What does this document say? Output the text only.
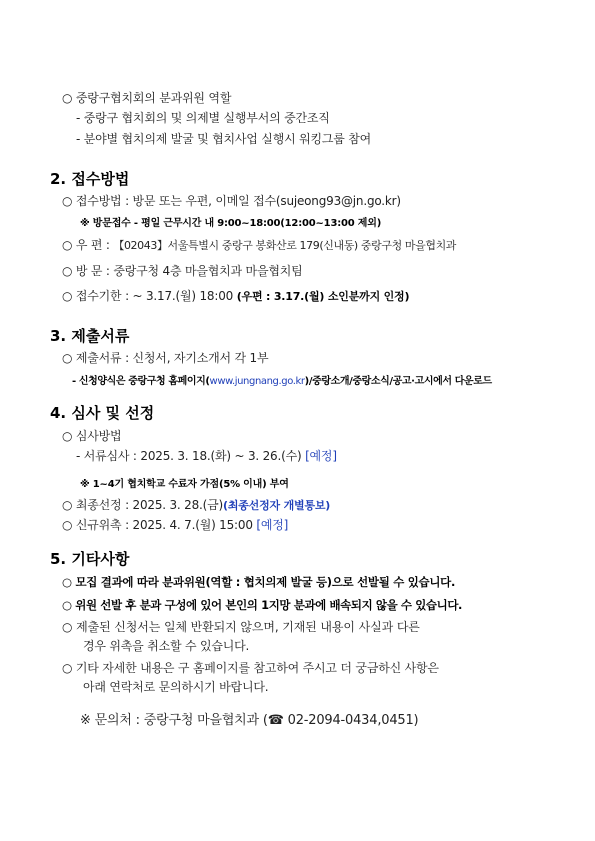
○ 중랑구협치회의 분과위원 역할
- 중랑구 협치회의 및 의제별 실행부서의 중간조직
- 분야별 협치의제 발굴 및 협치사업 실행시 워킹그룹 참여
2. 접수방법
○ 접수방법 : 방문 또는 우편, 이메일 접수(sujeong93@jn.go.kr)
※ 방문접수 - 평일 근무시간 내 9:00~18:00(12:00~13:00 제외)
○ 우 편 : 【02043】서울특별시 중랑구 봉화산로 179(신내동) 중랑구청 마을협치과
○ 방 문 : 중랑구청 4층 마을협치과 마을협치팀
○ 접수기한 : ~ 3.17.(월) 18:00 (우편 : 3.17.(월) 소인분까지 인정)
3. 제출서류
○ 제출서류 : 신청서, 자기소개서 각 1부
- 신청양식은 중랑구청 홈페이지(www.jungnang.go.kr)/중랑소개/중랑소식/공고·고시에서 다운로드
4. 심사 및 선정
○ 심사방법
- 서류심사 : 2025. 3. 18.(화) ~ 3. 26.(수) [예정]
※ 1~4기 협치학교 수료자 가점(5% 이내) 부여
○ 최종선정 : 2025. 3. 28.(금)(최종선정자 개별통보)
○ 신규위촉 : 2025. 4. 7.(월) 15:00 [예정]
5. 기타사항
○ 모집 결과에 따라 분과위원(역할 : 협치의제 발굴 등)으로 선발될 수 있습니다.
○ 위원 선발 후 분과 구성에 있어 본인의 1지망 분과에 배속되지 않을 수 있습니다.
○ 제출된 신청서는 일체 반환되지 않으며, 기재된 내용이 사실과 다른
경우 위촉을 취소할 수 있습니다.
○ 기타 자세한 내용은 구 홈페이지를 참고하여 주시고 더 궁금하신 사항은
아래 연락처로 문의하시기 바랍니다.
※ 문의처 : 중랑구청 마을협치과 (☎ 02-2094-0434,0451)
